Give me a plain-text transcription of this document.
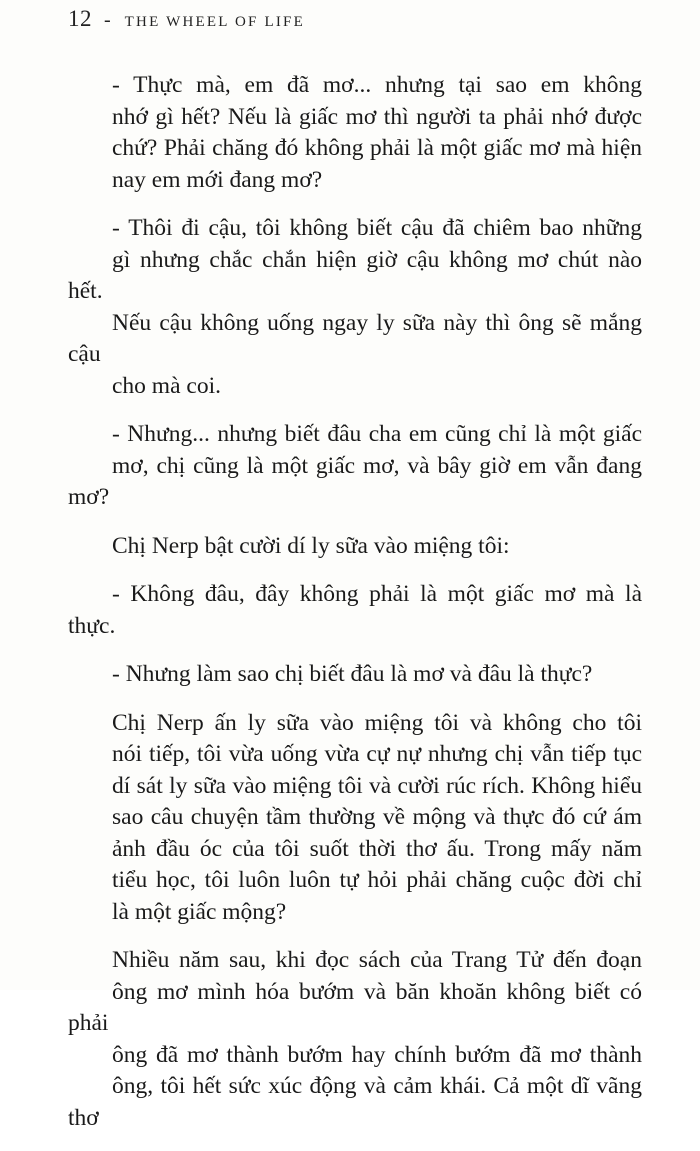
12 - THE WHEEL OF LIFE
- Thực mà, em đã mơ... nhưng tại sao em không
nhớ gì hết? Nếu là giấc mơ thì người ta phải nhớ được
chứ? Phải chăng đó không phải là một giấc mơ mà hiện
nay em mới đang mơ?
- Thôi đi cậu, tôi không biết cậu đã chiêm bao những
gì nhưng chắc chắn hiện giờ cậu không mơ chút nào hết.
Nếu cậu không uống ngay ly sữa này thì ông sẽ mắng cậu
cho mà coi.
- Nhưng... nhưng biết đâu cha em cũng chỉ là một giấc
mơ, chị cũng là một giấc mơ, và bây giờ em vẫn đang mơ?
Chị Nerp bật cười dí ly sữa vào miệng tôi:
- Không đâu, đây không phải là một giấc mơ mà là thực.
- Nhưng làm sao chị biết đâu là mơ và đâu là thực?
Chị Nerp ấn ly sữa vào miệng tôi và không cho tôi
nói tiếp, tôi vừa uống vừa cự nự nhưng chị vẫn tiếp tục
dí sát ly sữa vào miệng tôi và cười rúc rích. Không hiểu
sao câu chuyện tầm thường về mộng và thực đó cứ ám
ảnh đầu óc của tôi suốt thời thơ ấu. Trong mấy năm
tiểu học, tôi luôn luôn tự hỏi phải chăng cuộc đời chỉ
là một giấc mộng?
Nhiều năm sau, khi đọc sách của Trang Tử đến đoạn
ông mơ mình hóa bướm và băn khoăn không biết có phải
ông đã mơ thành bướm hay chính bướm đã mơ thành
ông, tôi hết sức xúc động và cảm khái. Cả một dĩ vãng thơ
